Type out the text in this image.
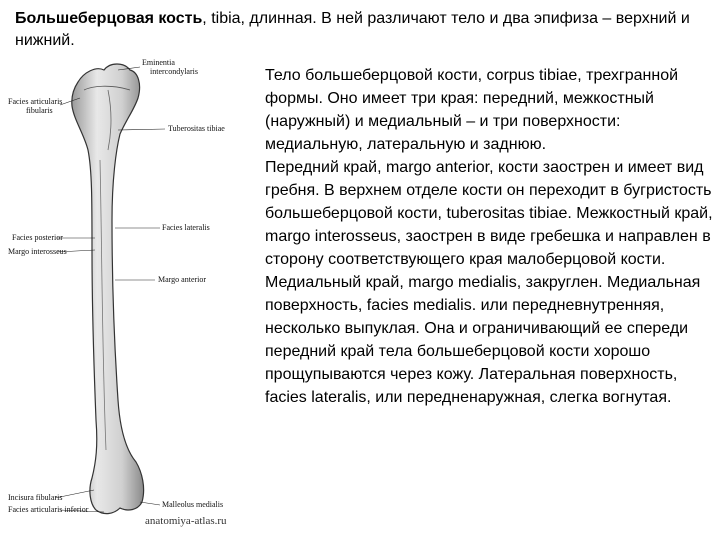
Большеберцовая кость, tibia, длинная. В ней различают тело и два эпифиза – верхний и нижний.
Eminentia
intercondylaris
Facies articularis
fibularis
Tuberositas tibiae
Facies posterior
Facies lateralis
Margo interosseus
Margo anterior
Incisura fibularis
Malleolus medialis
Facies articularis inferior
anatomiya-atlas.ru

Тело большеберцовой кости, corpus tibiae, трехгранной формы. Оно имеет три края: передний, межкостный (наружный) и медиальный – и три поверхности: медиальную, латеральную и заднюю.

Передний край, margo anterior, кости заострен и имеет вид гребня. В верхнем отделе кости он переходит в бугристость большеберцовой кости, tuberositas tibiae. Межкостный край, margo interosseus, заострен в виде гребешка и направлен в сторону соответствующего края малоберцовой кости. Медиальный край, margo medialis, закруглен. Медиальная поверхность, facies medialis. или передневнутренняя, несколько выпуклая. Она и ограничивающий ее спереди передний край тела большеберцовой кости хорошо прощупываются через кожу. Латеральная поверхность, facies lateralis, или передненаружная, слегка вогнутая.
